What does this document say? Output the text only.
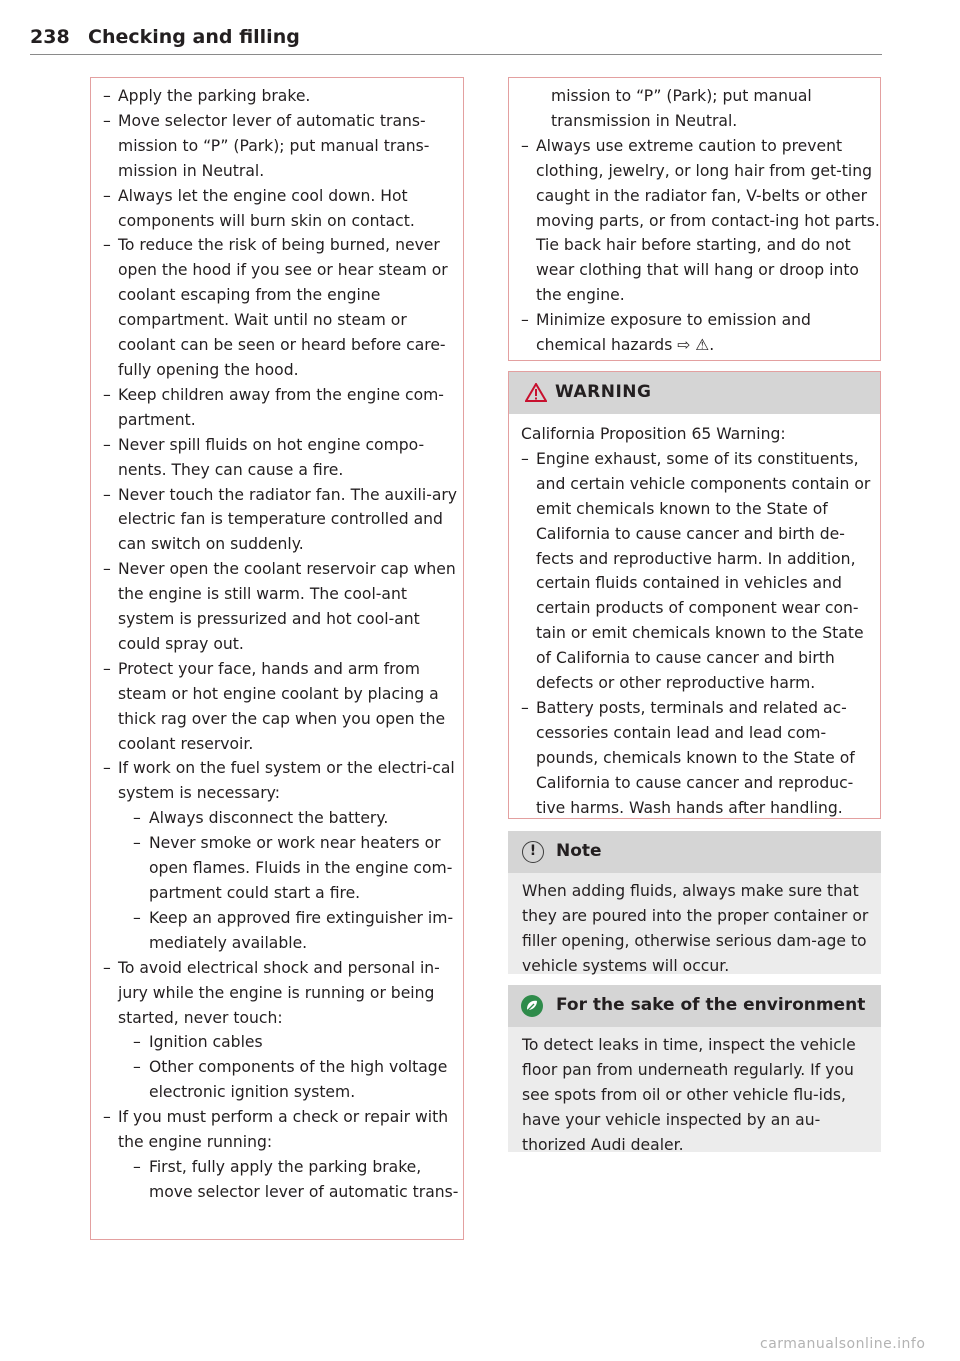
238 Checking and filling
– Apply the parking brake.
– Move selector lever of automatic trans-mission to “P” (Park); put manual trans-mission in Neutral.
– Always let the engine cool down. Hot components will burn skin on contact.
– To reduce the risk of being burned, never open the hood if you see or hear steam or coolant escaping from the engine compartment. Wait until no steam or coolant can be seen or heard before care-fully opening the hood.
– Keep children away from the engine com-partment.
– Never spill fluids on hot engine compo-nents. They can cause a fire.
– Never touch the radiator fan. The auxili-ary electric fan is temperature controlled and can switch on suddenly.
– Never open the coolant reservoir cap when the engine is still warm. The cool-ant system is pressurized and hot cool-ant could spray out.
– Protect your face, hands and arm from steam or hot engine coolant by placing a thick rag over the cap when you open the coolant reservoir.
– If work on the fuel system or the electri-cal system is necessary:
– Always disconnect the battery.
– Never smoke or work near heaters or open flames. Fluids in the engine com-partment could start a fire.
– Keep an approved fire extinguisher im-mediately available.
– To avoid electrical shock and personal in-jury while the engine is running or being started, never touch:
– Ignition cables
– Other components of the high voltage electronic ignition system.
– If you must perform a check or repair with the engine running:
– First, fully apply the parking brake, move selector lever of automatic trans-
mission to “P” (Park); put manual transmission in Neutral.
– Always use extreme caution to prevent clothing, jewelry, or long hair from get-ting caught in the radiator fan, V-belts or other moving parts, or from contact-ing hot parts. Tie back hair before starting, and do not wear clothing that will hang or droop into the engine.
– Minimize exposure to emission and chemical hazards ⇨ ⚠.
WARNING
California Proposition 65 Warning:
– Engine exhaust, some of its constituents, and certain vehicle components contain or emit chemicals known to the State of California to cause cancer and birth de-fects and reproductive harm. In addition, certain fluids contained in vehicles and certain products of component wear con-tain or emit chemicals known to the State of California to cause cancer and birth defects or other reproductive harm.
– Battery posts, terminals and related ac-cessories contain lead and lead com-pounds, chemicals known to the State of California to cause cancer and reproduc-tive harms. Wash hands after handling.
!	Note
When adding fluids, always make sure that they are poured into the proper container or filler opening, otherwise serious dam-age to vehicle systems will occur.
For the sake of the environment
To detect leaks in time, inspect the vehicle floor pan from underneath regularly. If you see spots from oil or other vehicle flu-ids, have your vehicle inspected by an au-thorized Audi dealer.
carmanualsonline.info
